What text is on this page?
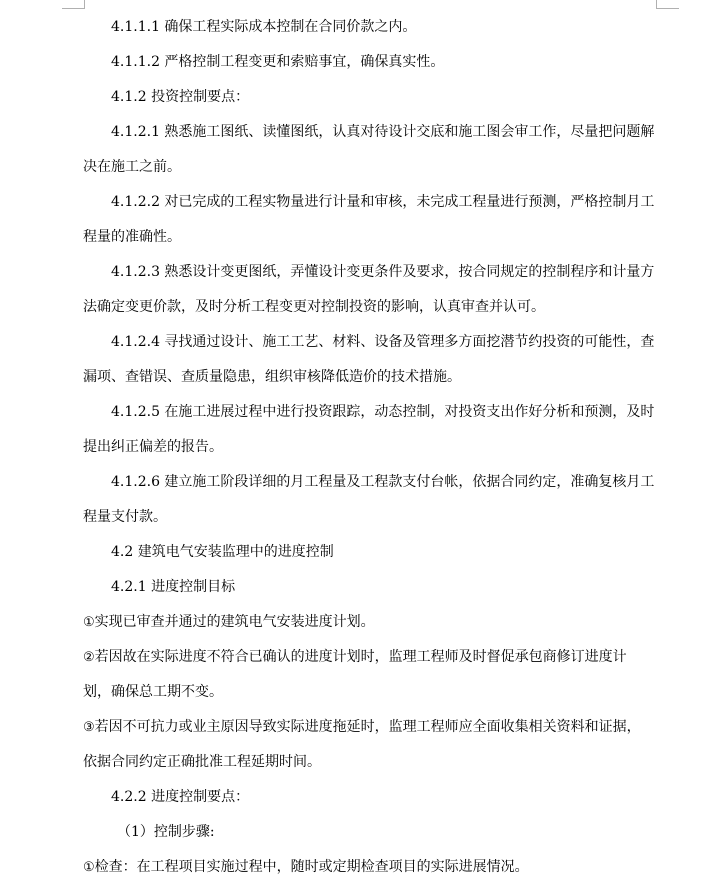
4.1.1.1 确保工程实际成本控制在合同价款之内。

4.1.1.2 严格控制工程变更和索赔事宜，确保真实性。

4.1.2 投资控制要点：

4.1.2.1 熟悉施工图纸、读懂图纸，认真对待设计交底和施工图会审工作，尽量把问题解
决在施工之前。

4.1.2.2 对已完成的工程实物量进行计量和审核，未完成工程量进行预测，严格控制月工
程量的准确性。

4.1.2.3 熟悉设计变更图纸，弄懂设计变更条件及要求，按合同规定的控制程序和计量方
法确定变更价款，及时分析工程变更对控制投资的影响，认真审查并认可。

4.1.2.4 寻找通过设计、施工工艺、材料、设备及管理多方面挖潜节约投资的可能性，查
漏项、查错误、查质量隐患，组织审核降低造价的技术措施。

4.1.2.5 在施工进展过程中进行投资跟踪，动态控制，对投资支出作好分析和预测，及时
提出纠正偏差的报告。

4.1.2.6 建立施工阶段详细的月工程量及工程款支付台帐，依据合同约定，准确复核月工
程量支付款。

4.2 建筑电气安装监理中的进度控制

4.2.1 进度控制目标

①实现已审查并通过的建筑电气安装进度计划。

②若因故在实际进度不符合已确认的进度计划时，监理工程师及时督促承包商修订进度计
划，确保总工期不变。

③若因不可抗力或业主原因导致实际进度拖延时，监理工程师应全面收集相关资料和证据，
依据合同约定正确批准工程延期时间。

4.2.2 进度控制要点：

（1）控制步骤:

①检查：在工程项目实施过程中，随时或定期检查项目的实际进展情况。
